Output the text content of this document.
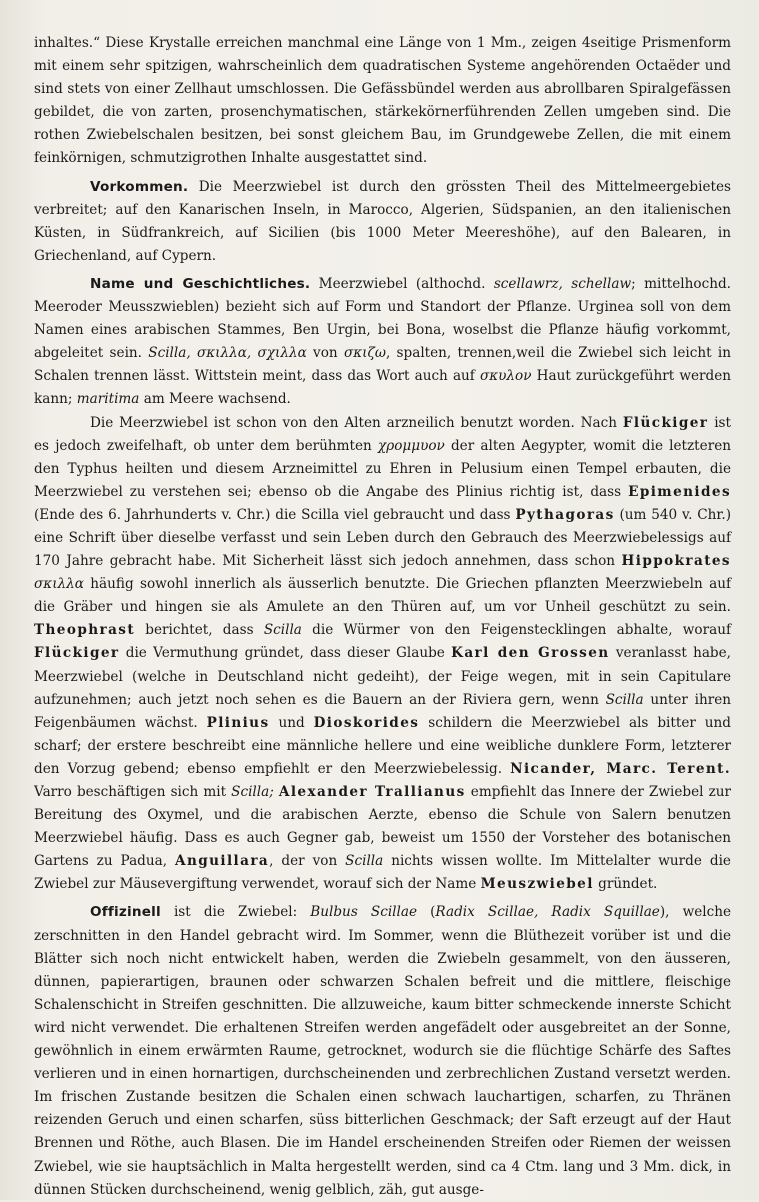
inhaltes.“ Diese Krystalle erreichen manchmal eine Länge von 1 Mm., zeigen 4seitige Prismenform mit einem sehr spitzigen, wahrscheinlich dem quadratischen Systeme angehörenden Octaëder und sind stets von einer Zellhaut umschlossen. Die Gefässbündel werden aus abrollbaren Spiralgefässen gebildet, die von zarten, prosenchymatischen, stärkekörnerführenden Zellen umgeben sind. Die rothen Zwiebelschalen besitzen, bei sonst gleichem Bau, im Grundgewebe Zellen, die mit einem feinkörnigen, schmutzigrothen Inhalte ausgestattet sind.

Vorkommen. Die Meerzwiebel ist durch den grössten Theil des Mittelmeergebietes verbreitet; auf den Kanarischen Inseln, in Marocco, Algerien, Südspanien, an den italienischen Küsten, in Südfrankreich, auf Sicilien (bis 1000 Meter Meereshöhe), auf den Balearen, in Griechenland, auf Cypern.

Name und Geschichtliches. Meerzwiebel (althochd. scellawrz, schellaw; mittelhochd. Meeroder Meusszwieblen) bezieht sich auf Form und Standort der Pflanze. Urginea soll von dem Namen eines arabischen Stammes, Ben Urgin, bei Bona, woselbst die Pflanze häufig vorkommt, abgeleitet sein. Scilla, σκιλλα, σχιλλα von σκιζω, spalten, trennen,weil die Zwiebel sich leicht in Schalen trennen lässt. Wittstein meint, dass das Wort auch auf σκυλον Haut zurückgeführt werden kann; maritima am Meere wachsend.

Die Meerzwiebel ist schon von den Alten arzneilich benutzt worden. Nach Flückiger ist es jedoch zweifelhaft, ob unter dem berühmten χρομμυον der alten Aegypter, womit die letzteren den Typhus heilten und diesem Arzneimittel zu Ehren in Pelusium einen Tempel erbauten, die Meerzwiebel zu verstehen sei; ebenso ob die Angabe des Plinius richtig ist, dass Epimenides (Ende des 6. Jahrhunderts v. Chr.) die Scilla viel gebraucht und dass Pythagoras (um 540 v. Chr.) eine Schrift über dieselbe verfasst und sein Leben durch den Gebrauch des Meerzwiebelessigs auf 170 Jahre gebracht habe. Mit Sicherheit lässt sich jedoch annehmen, dass schon Hippokrates σκιλλα häufig sowohl innerlich als äusserlich benutzte. Die Griechen pflanzten Meerzwiebeln auf die Gräber und hingen sie als Amulete an den Thüren auf, um vor Unheil geschützt zu sein. Theophrast berichtet, dass Scilla die Würmer von den Feigenstecklingen abhalte, worauf Flückiger die Vermuthung gründet, dass dieser Glaube Karl den Grossen veranlasst habe, Meerzwiebel (welche in Deutschland nicht gedeiht), der Feige wegen, mit in sein Capitulare aufzunehmen; auch jetzt noch sehen es die Bauern an der Riviera gern, wenn Scilla unter ihren Feigenbäumen wächst. Plinius und Dioskorides schildern die Meerzwiebel als bitter und scharf; der erstere beschreibt eine männliche hellere und eine weibliche dunklere Form, letzterer den Vorzug gebend; ebenso empfiehlt er den Meerzwiebelessig. Nicander, Marc. Terent. Varro beschäftigen sich mit Scilla; Alexander Trallianus empfiehlt das Innere der Zwiebel zur Bereitung des Oxymel, und die arabischen Aerzte, ebenso die Schule von Salern benutzen Meerzwiebel häufig. Dass es auch Gegner gab, beweist um 1550 der Vorsteher des botanischen Gartens zu Padua, Anguillara, der von Scilla nichts wissen wollte. Im Mittelalter wurde die Zwiebel zur Mäusevergiftung verwendet, worauf sich der Name Meuszwiebel gründet.

Offizinell ist die Zwiebel: Bulbus Scillae (Radix Scillae, Radix Squillae), welche zerschnitten in den Handel gebracht wird. Im Sommer, wenn die Blüthezeit vorüber ist und die Blätter sich noch nicht entwickelt haben, werden die Zwiebeln gesammelt, von den äusseren, dünnen, papierartigen, braunen oder schwarzen Schalen befreit und die mittlere, fleischige Schalenschicht in Streifen geschnitten. Die allzuweiche, kaum bitter schmeckende innerste Schicht wird nicht verwendet. Die erhaltenen Streifen werden angefädelt oder ausgebreitet an der Sonne, gewöhnlich in einem erwärmten Raume, getrocknet, wodurch sie die flüchtige Schärfe des Saftes verlieren und in einen hornartigen, durchscheinenden und zerbrechlichen Zustand versetzt werden. Im frischen Zustande besitzen die Schalen einen schwach lauchartigen, scharfen, zu Thränen reizenden Geruch und einen scharfen, süss bitterlichen Geschmack; der Saft erzeugt auf der Haut Brennen und Röthe, auch Blasen. Die im Handel erscheinenden Streifen oder Riemen der weissen Zwiebel, wie sie hauptsächlich in Malta hergestellt werden, sind ca 4 Ctm. lang und 3 Mm. dick, in dünnen Stücken durchscheinend, wenig gelblich, zäh, gut ausge-
